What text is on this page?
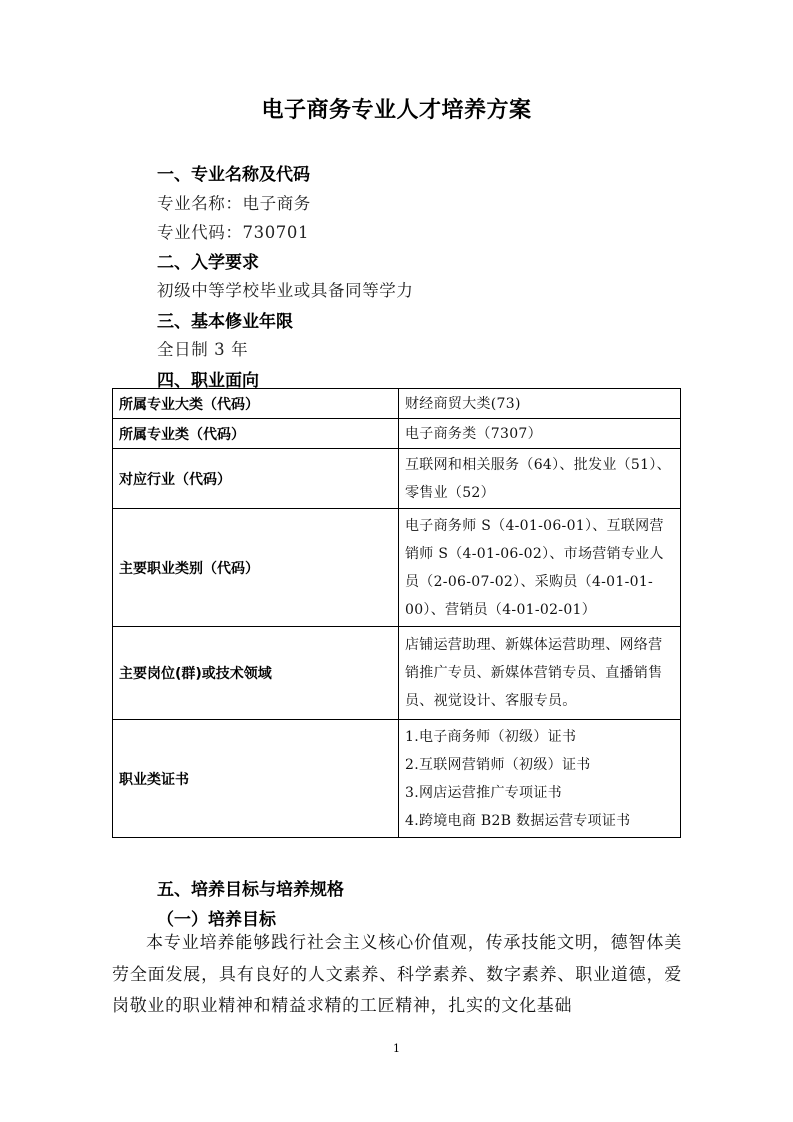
电子商务专业人才培养方案
一、专业名称及代码
专业名称：电子商务
专业代码：730701
二、入学要求
初级中等学校毕业或具备同等学力
三、基本修业年限
全日制 3 年
四、职业面向
所属专业大类（代码）	财经商贸大类(73)
所属专业类（代码）	电子商务类（7307）
对应行业（代码）	互联网和相关服务（64）、批发业（51）、零售业（52）
主要职业类别（代码）	电子商务师 S（4-01-06-01）、互联网营销师 S（4-01-06-02）、市场营销专业人员（2-06-07-02）、采购员（4-01-01-00）、营销员（4-01-02-01）
主要岗位(群)或技术领域	店铺运营助理、新媒体运营助理、网络营销推广专员、新媒体营销专员、直播销售员、视觉设计、客服专员。
职业类证书	1.电子商务师（初级）证书
2.互联网营销师（初级）证书
3.网店运营推广专项证书
4.跨境电商 B2B 数据运营专项证书
五、培养目标与培养规格
（一）培养目标
本专业培养能够践行社会主义核心价值观，传承技能文明，德智体美劳全面发展，具有良好的人文素养、科学素养、数字素养、职业道德，爱岗敬业的职业精神和精益求精的工匠精神，扎实的文化基础
1
